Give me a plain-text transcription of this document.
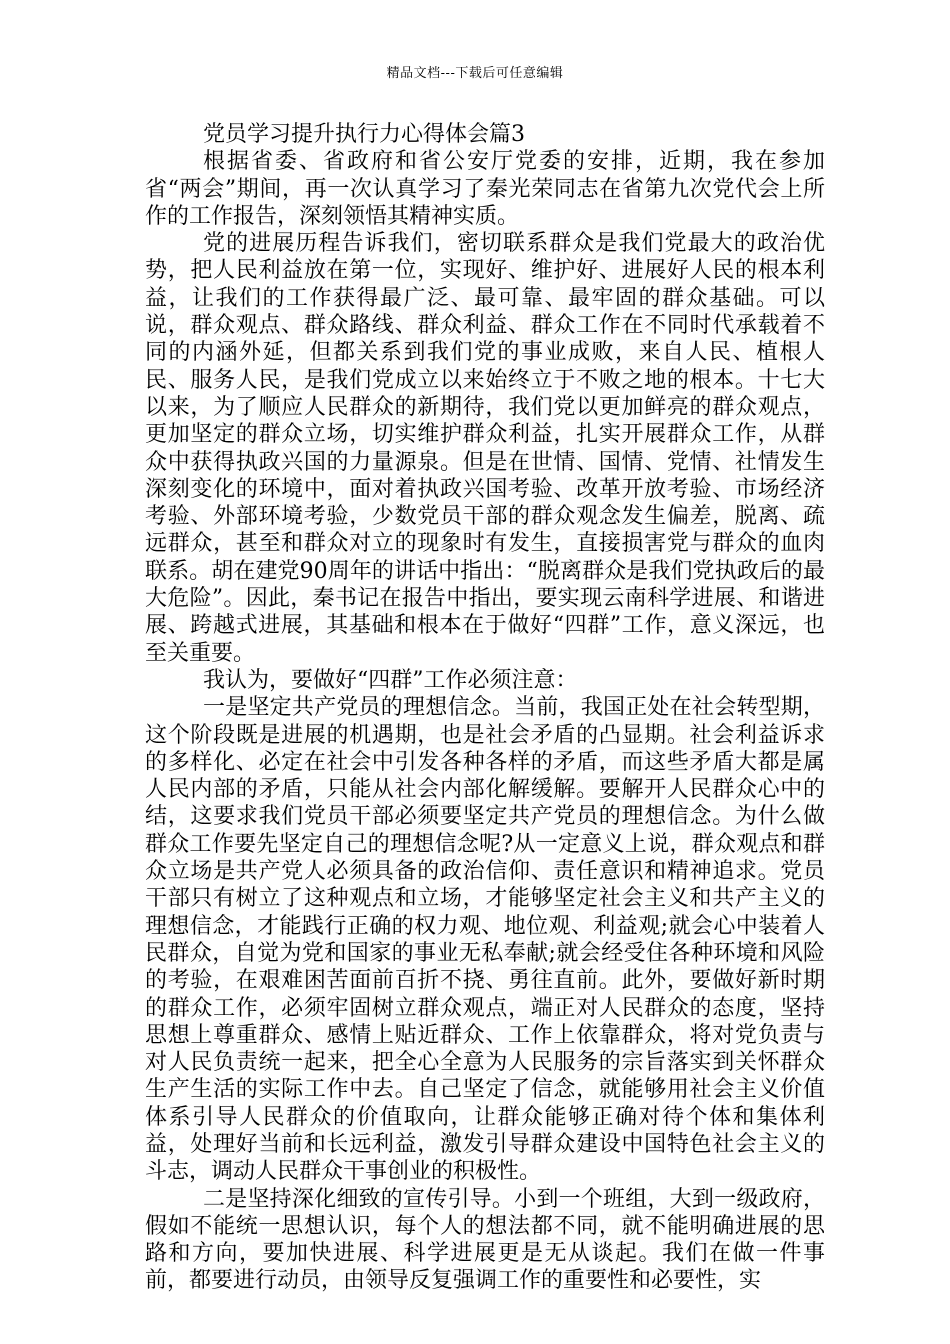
精品文档---下载后可任意编辑

党员学习提升执行力心得体会篇3

根据省委、省政府和省公安厅党委的安排，近期，我在参加省“两会”期间，再一次认真学习了秦光荣同志在省第九次党代会上所作的工作报告，深刻领悟其精神实质。

党的进展历程告诉我们，密切联系群众是我们党最大的政治优势，把人民利益放在第一位，实现好、维护好、进展好人民的根本利益，让我们的工作获得最广泛、最可靠、最牢固的群众基础。可以说，群众观点、群众路线、群众利益、群众工作在不同时代承载着不同的内涵外延，但都关系到我们党的事业成败，来自人民、植根人民、服务人民，是我们党成立以来始终立于不败之地的根本。十七大以来，为了顺应人民群众的新期待，我们党以更加鲜亮的群众观点，更加坚定的群众立场，切实维护群众利益，扎实开展群众工作，从群众中获得执政兴国的力量源泉。但是在世情、国情、党情、社情发生深刻变化的环境中，面对着执政兴国考验、改革开放考验、市场经济考验、外部环境考验，少数党员干部的群众观念发生偏差，脱离、疏远群众，甚至和群众对立的现象时有发生，直接损害党与群众的血肉联系。胡在建党90周年的讲话中指出：“脱离群众是我们党执政后的最大危险”。因此，秦书记在报告中指出，要实现云南科学进展、和谐进展、跨越式进展，其基础和根本在于做好“四群”工作，意义深远，也至关重要。

我认为，要做好“四群”工作必须注意：

一是坚定共产党员的理想信念。当前，我国正处在社会转型期，这个阶段既是进展的机遇期，也是社会矛盾的凸显期。社会利益诉求的多样化、必定在社会中引发各种各样的矛盾，而这些矛盾大都是属人民内部的矛盾，只能从社会内部化解缓解。要解开人民群众心中的结，这要求我们党员干部必须要坚定共产党员的理想信念。为什么做群众工作要先坚定自己的理想信念呢?从一定意义上说，群众观点和群众立场是共产党人必须具备的政治信仰、责任意识和精神追求。党员干部只有树立了这种观点和立场，才能够坚定社会主义和共产主义的理想信念，才能践行正确的权力观、地位观、利益观;就会心中装着人民群众，自觉为党和国家的事业无私奉献;就会经受住各种环境和风险的考验，在艰难困苦面前百折不挠、勇往直前。此外，要做好新时期的群众工作，必须牢固树立群众观点，端正对人民群众的态度，坚持思想上尊重群众、感情上贴近群众、工作上依靠群众，将对党负责与对人民负责统一起来，把全心全意为人民服务的宗旨落实到关怀群众生产生活的实际工作中去。自己坚定了信念，就能够用社会主义价值体系引导人民群众的价值取向，让群众能够正确对待个体和集体利益，处理好当前和长远利益，激发引导群众建设中国特色社会主义的斗志，调动人民群众干事创业的积极性。

二是坚持深化细致的宣传引导。小到一个班组，大到一级政府，假如不能统一思想认识，每个人的想法都不同，就不能明确进展的思路和方向，要加快进展、科学进展更是无从谈起。我们在做一件事前，都要进行动员，由领导反复强调工作的重要性和必要性，实
